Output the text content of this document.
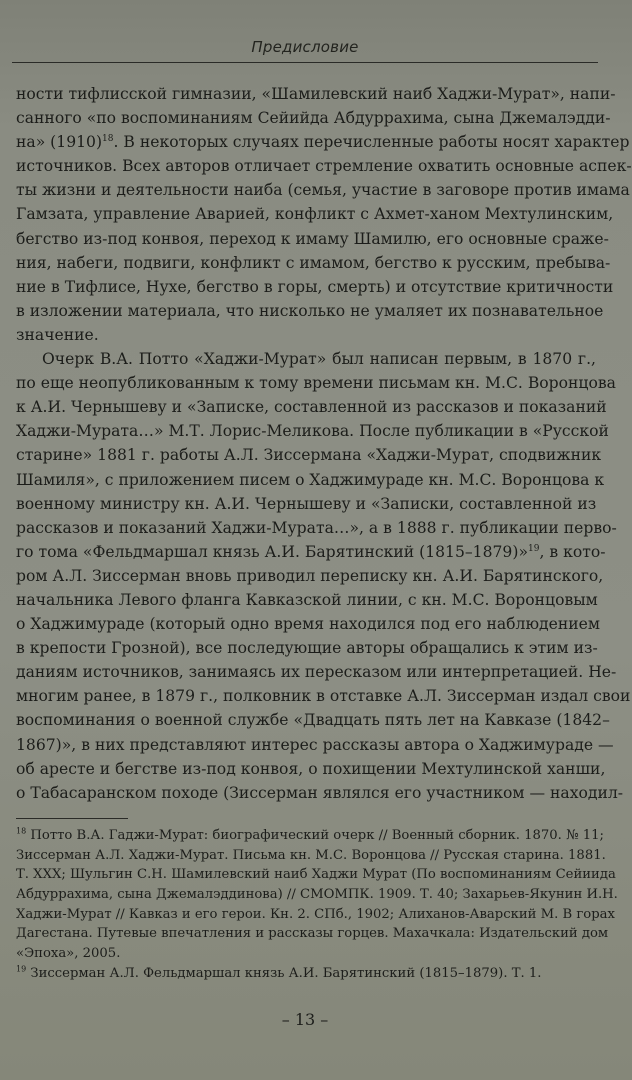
Предисловие
ности тифлисской гимназии, «Шамилевский наиб Хаджи-Мурат», напи-
санного «по воспоминаниям Сейийда Абдуррахима, сына Джемалэдди-
на» $(1910)^{18}$. В некоторых случаях перечисленные работы носят характер
источников. Всех авторов отличает стремление охватить основные аспек-
ты жизни и деятельности наиба (семья, участие в заговоре против имама
Гамзата, управление Аварией, конфликт с Ахмет-ханом Мехтулинским,
бегство из-под конвоя, переход к имаму Шамилю, его основные сраже-
ния, набеги, подвиги, конфликт с имамом, бегство к русским, пребыва-
ние в Тифлисе, Нухе, бегство в горы, смерть) и отсутствие критичности
в изложении материала, что нисколько не умаляет их познавательное
значение.
Очерк В.А. Потто «Хаджи-Мурат» был написан первым, в 1870 г.,
по еще неопубликованным к тому времени письмам кн. М.С. Воронцова
к А.И. Чернышеву и «Записке, составленной из рассказов и показаний
Хаджи-Мурата…» М.Т. Лорис-Меликова. После публикации в «Русской
старине» 1881 г. работы А.Л. Зиссермана «Хаджи-Мурат, сподвижник
Шамиля», с приложением писем о Хаджимураде кн. М.С. Воронцова к
военному министру кн. А.И. Чернышеву и «Записки, составленной из
рассказов и показаний Хаджи-Мурата…», а в 1888 г. публикации перво-
го тома «Фельдмаршал князь А.И. Барятинский (1815–1879)»$^{19}$, в кото-
ром А.Л. Зиссерман вновь приводил переписку кн. А.И. Барятинского,
начальника Левого фланга Кавказской линии, с кн. М.С. Воронцовым
о Хаджимураде (который одно время находился под его наблюдением
в крепости Грозной), все последующие авторы обращались к этим из-
даниям источников, занимаясь их пересказом или интерпретацией. Не-
многим ранее, в 1879 г., полковник в отставке А.Л. Зиссерман издал свои
воспоминания о военной службе «Двадцать пять лет на Кавказе (1842–
1867)», в них представляют интерес рассказы автора о Хаджимураде —
об аресте и бегстве из-под конвоя, о похищении Мехтулинской ханши,
о Табасаранском походе (Зиссерман являлся его участником — находил-
$^{18}$ Потто В.А. Гаджи-Мурат: биографический очерк // Военный сборник. 1870. № 11;
Зиссерман А.Л. Хаджи-Мурат. Письма кн. М.С. Воронцова // Русская старина. 1881.
Т. XXX; Шульгин С.Н. Шамилевский наиб Хаджи Мурат (По воспоминаниям Сейиида
Абдуррахима, сына Джемалэддинова) // СМОМПК. 1909. Т. 40; Захарьев-Якунин И.Н.
Хаджи-Мурат // Кавказ и его герои. Кн. 2. СПб., 1902; Алиханов-Аварский М. В горах
Дагестана. Путевые впечатления и рассказы горцев. Махачкала: Издательский дом
«Эпоха», 2005.
$^{19}$ Зиссерман А.Л. Фельдмаршал князь А.И. Барятинский (1815–1879). Т. 1.
– 13 –
